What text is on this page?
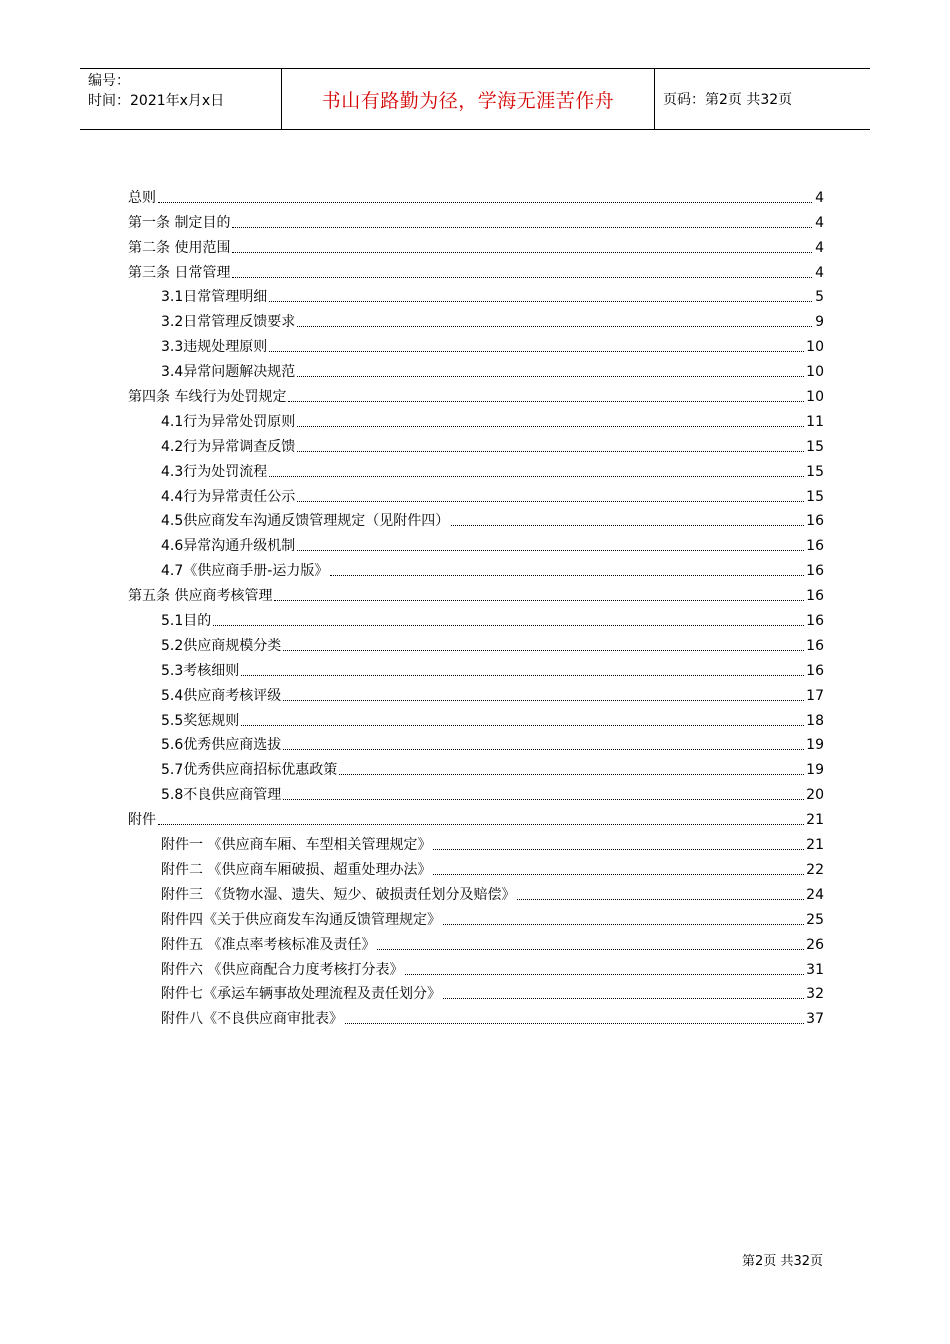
编号：
时间：2021年x月x日	书山有路勤为径，学海无涯苦作舟	页码：第2页 共32页
总则	4
第一条 制定目的	4
第二条 使用范围	4
第三条 日常管理	4
3.1日常管理明细	5
3.2日常管理反馈要求	9
3.3违规处理原则	10
3.4异常问题解决规范	10
第四条 车线行为处罚规定	10
4.1行为异常处罚原则	11
4.2行为异常调查反馈	15
4.3行为处罚流程	15
4.4行为异常责任公示	15
4.5供应商发车沟通反馈管理规定（见附件四）	16
4.6异常沟通升级机制	16
4.7《供应商手册-运力版》	16
第五条 供应商考核管理	16
5.1目的	16
5.2供应商规模分类	16
5.3考核细则	16
5.4供应商考核评级	17
5.5奖惩规则	18
5.6优秀供应商选拔	19
5.7优秀供应商招标优惠政策	19
5.8不良供应商管理	20
附件	21
附件一 《供应商车厢、车型相关管理规定》	21
附件二 《供应商车厢破损、超重处理办法》	22
附件三 《货物水湿、遗失、短少、破损责任划分及赔偿》	24
附件四《关于供应商发车沟通反馈管理规定》	25
附件五 《准点率考核标准及责任》	26
附件六 《供应商配合力度考核打分表》	31
附件七《承运车辆事故处理流程及责任划分》	32
附件八《不良供应商审批表》	37
第2页 共32页
